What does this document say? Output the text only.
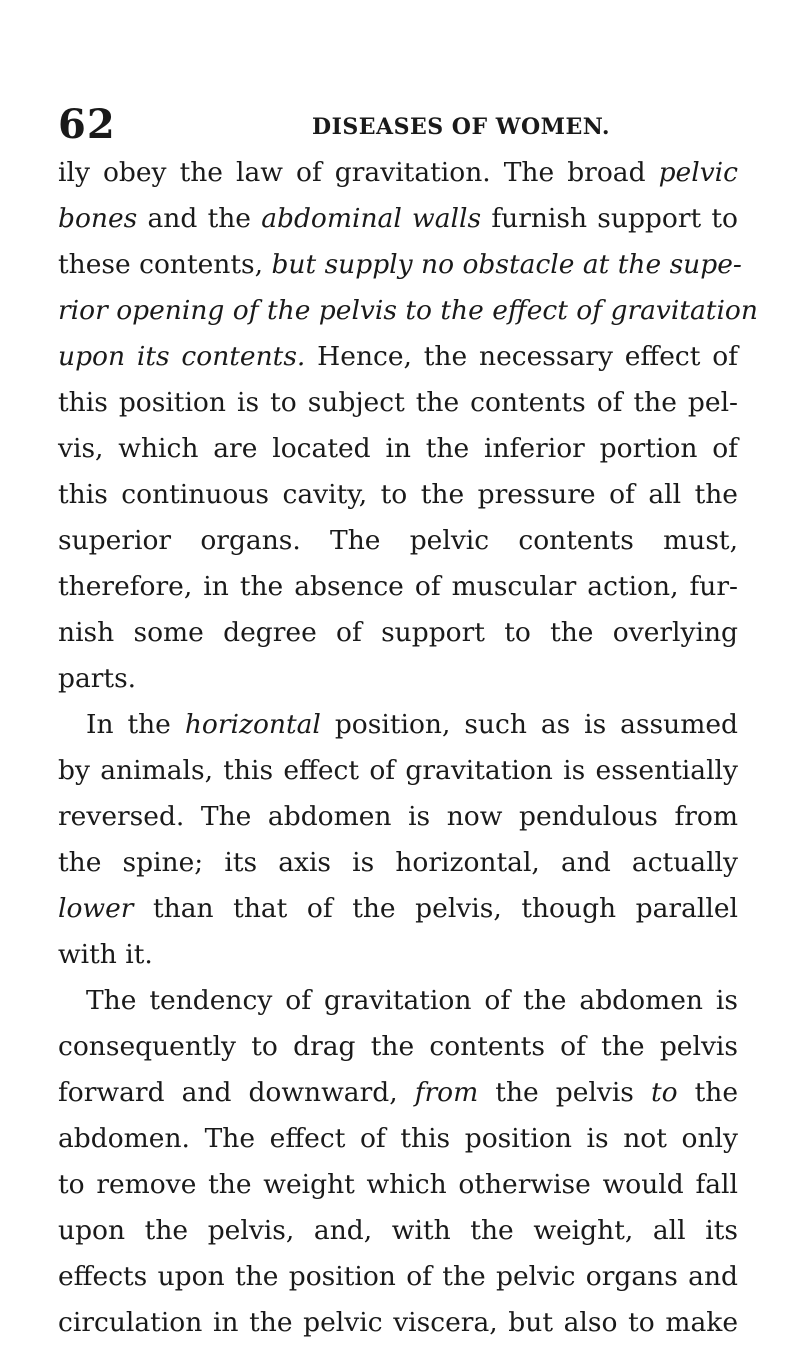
62	DISEASES OF WOMEN.
ily obey the law of gravitation. The broad pelvic
bones and the abdominal walls furnish support to
these contents, but supply no obstacle at the supe-
rior opening of the pelvis to the effect of gravitation
upon its contents. Hence, the necessary effect of
this position is to subject the contents of the pel-
vis, which are located in the inferior portion of
this continuous cavity, to the pressure of all the
superior organs. The pelvic contents must,
therefore, in the absence of muscular action, fur-
nish some degree of support to the overlying
parts.
In the horizontal position, such as is assumed
by animals, this effect of gravitation is essentially
reversed. The abdomen is now pendulous from
the spine; its axis is horizontal, and actually
lower than that of the pelvis, though parallel
with it.
The tendency of gravitation of the abdomen is
consequently to drag the contents of the pelvis
forward and downward, from the pelvis to the
abdomen. The effect of this position is not only
to remove the weight which otherwise would fall
upon the pelvis, and, with the weight, all its
effects upon the position of the pelvic organs and
circulation in the pelvic viscera, but also to make
